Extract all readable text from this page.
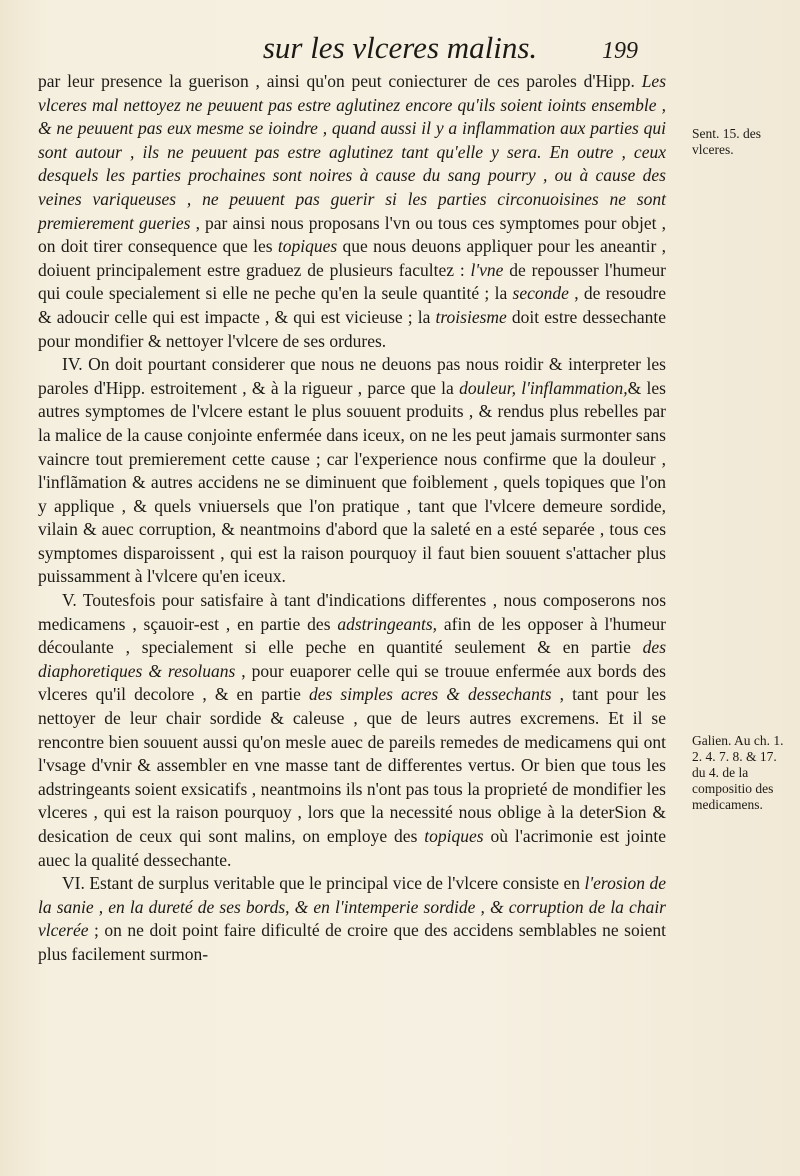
sur les vlceres malins.	199

par leur presence la guerison , ainsi qu'on peut coniecturer de ces paroles d'Hipp. Les vlceres mal nettoyez ne peuuent pas estre aglutinez encore qu'ils soient ioints ensemble , & ne peuuent pas eux mesme se ioindre , quand aussi il y a inflammation aux parties qui sont autour , ils ne peuuent pas estre aglutinez tant qu'elle y sera. En outre , ceux desquels les parties prochaines sont noires à cause du sang pourry , ou à cause des veines variqueuses , ne peuuent pas guerir si les parties circonuoisines ne sont premierement gueries , par ainsi nous proposans l'vn ou tous ces symptomes pour objet , on doit tirer consequence que les topiques que nous deuons appliquer pour les aneantir , doiuent principalement estre graduez de plusieurs facultez : l'vne de repousser l'humeur qui coule specialement si elle ne peche qu'en la seule quantité ; la seconde , de resoudre & adoucir celle qui est impacte , & qui est vicieuse ; la troisiesme doit estre dessechante pour mondifier & nettoyer l'vlcere de ses ordures.

IV. On doit pourtant considerer que nous ne deuons pas nous roidir & interpreter les paroles d'Hipp. estroitement , & à la rigueur , parce que la douleur, l'inflammation,& les autres symptomes de l'vlcere estant le plus souuent produits , & rendus plus rebelles par la malice de la cause conjointe enfermée dans iceux, on ne les peut jamais surmonter sans vaincre tout premierement cette cause ; car l'experience nous confirme que la douleur , l'inflãmation & autres accidens ne se diminuent que foiblement , quels topiques que l'on y applique , & quels vniuersels que l'on pratique , tant que l'vlcere demeure sordide, vilain & auec corruption, & neantmoins d'abord que la saleté en a esté separée , tous ces symptomes disparoissent , qui est la raison pourquoy il faut bien souuent s'attacher plus puissamment à l'vlcere qu'en iceux.

V. Toutesfois pour satisfaire à tant d'indications differentes , nous composerons nos medicamens , sçauoir-est , en partie des adstringeants, afin de les opposer à l'humeur découlante , specialement si elle peche en quantité seulement & en partie des diaphoretiques & resoluans , pour euaporer celle qui se trouue enfermée aux bords des vlceres qu'il decolore , & en partie des simples acres & dessechants , tant pour les nettoyer de leur chair sordide & caleuse , que de leurs autres excremens. Et il se rencontre bien souuent aussi qu'on mesle auec de pareils remedes de medicamens qui ont l'vsage d'vnir & assembler en vne masse tant de differentes vertus. Or bien que tous les adstringeants soient exsicatifs , neantmoins ils n'ont pas tous la proprieté de mondifier les vlceres , qui est la raison pourquoy , lors que la necessité nous oblige à la deterSion & desication de ceux qui sont malins, on employe des topiques où l'acrimonie est jointe auec la qualité dessechante.

VI. Estant de surplus veritable que le principal vice de l'vlcere consiste en l'erosion de la sanie , en la dureté de ses bords, & en l'intemperie sordide , & corruption de la chair vlcerée ; on ne doit point faire dificulté de croire que des accidens semblables ne soient plus facilement surmon-

Sent. 15. des vlceres.
Galien. Au ch. 1. 2. 4. 7. 8. & 17. du 4. de la compositio des medicamens.
